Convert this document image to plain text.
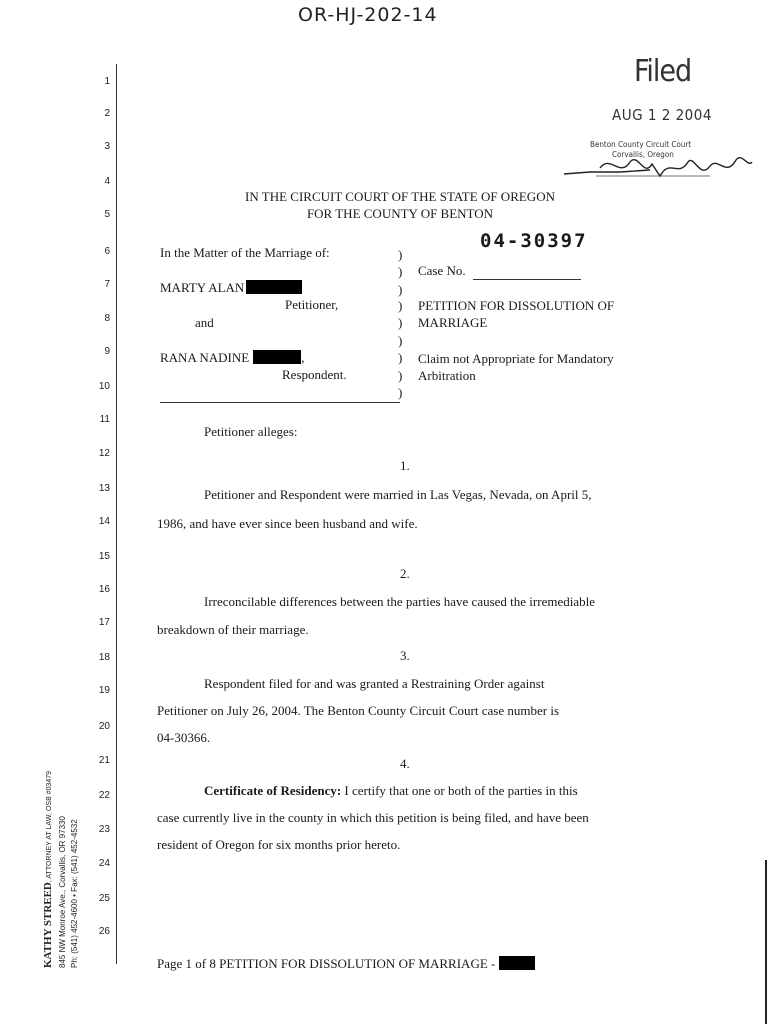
OR-HJ-202-14
Filed
AUG 1 2 2004
Benton County Circuit Court
Corvallis, Oregon
1
2
3
4
5
6
7
8
9
10
11
12
13
14
15
16
17
18
19
20
21
22
23
24
25
26
IN THE CIRCUIT COURT OF THE STATE OF OREGON
FOR THE COUNTY OF BENTON
In the Matter of the Marriage of:
MARTY ALAN
Petitioner,
and
RANA NADINE	,
Respondent.
)
)
)
)
)
)
)
)
)
04-30397
Case No.
PETITION FOR DISSOLUTION OF
MARRIAGE
Claim not Appropriate for Mandatory
Arbitration
Petitioner alleges:
1.
Petitioner and Respondent were married in Las Vegas, Nevada, on April 5,
1986, and have ever since been husband and wife.
2.
Irreconcilable differences between the parties have caused the irremediable
breakdown of their marriage.
3.
Respondent filed for and was granted a Restraining Order against
Petitioner on July 26, 2004. The Benton County Circuit Court case number is
04-30366.
4.
Certificate of Residency: I certify that one or both of the parties in this
case currently live in the county in which this petition is being filed, and have been
resident of Oregon for six months prior hereto.
KATHY STREED, ATTORNEY AT LAW, OSB #03479 845 NW Monroe Ave., Corvallis, OR 97330 Ph: (541) 452-4600 • Fax: (541) 452-4532	Page 1 of 8 PETITION FOR DISSOLUTION OF MARRIAGE -
